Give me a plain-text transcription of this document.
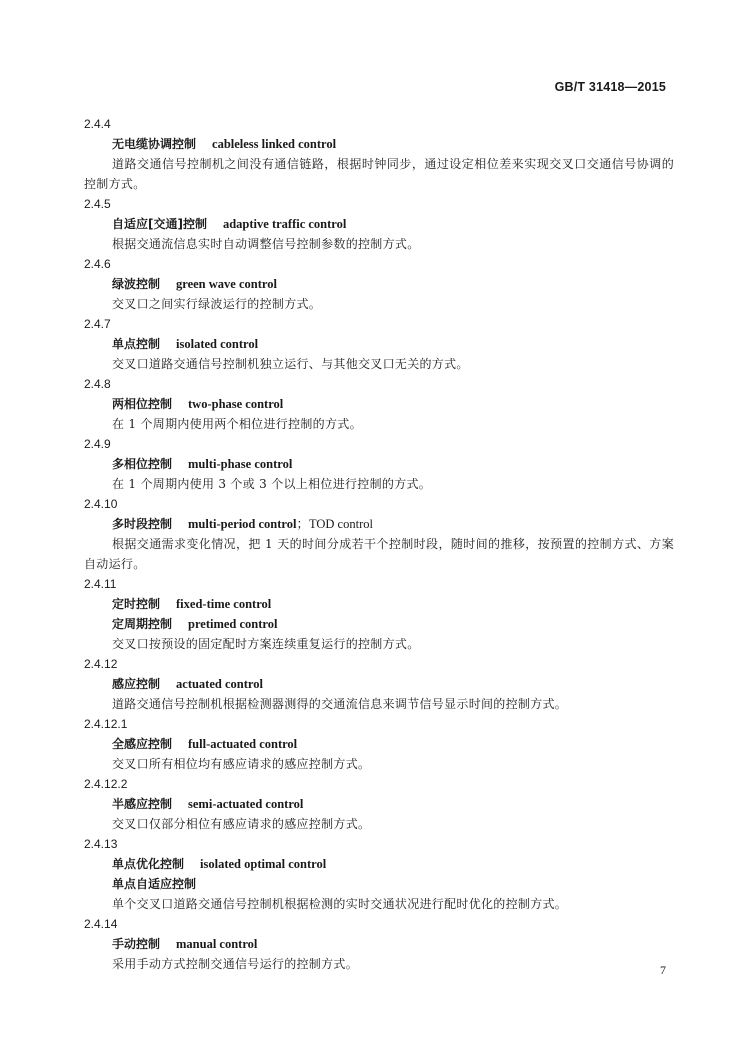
GB/T 31418—2015
2.4.4
无电缆协调控制 cableless linked control
道路交通信号控制机之间没有通信链路，根据时钟同步，通过设定相位差来实现交叉口交通信号协调的控制方式。
2.4.5
自适应[交通]控制 adaptive traffic control
根据交通流信息实时自动调整信号控制参数的控制方式。
2.4.6
绿波控制 green wave control
交叉口之间实行绿波运行的控制方式。
2.4.7
单点控制 isolated control
交叉口道路交通信号控制机独立运行、与其他交叉口无关的方式。
2.4.8
两相位控制 two-phase control
在 1 个周期内使用两个相位进行控制的方式。
2.4.9
多相位控制 multi-phase control
在 1 个周期内使用 3 个或 3 个以上相位进行控制的方式。
2.4.10
多时段控制 multi-period control；TOD control
根据交通需求变化情况，把 1 天的时间分成若干个控制时段，随时间的推移，按预置的控制方式、方案自动运行。
2.4.11
定时控制 fixed-time control
定周期控制 pretimed control
交叉口按预设的固定配时方案连续重复运行的控制方式。
2.4.12
感应控制 actuated control
道路交通信号控制机根据检测器测得的交通流信息来调节信号显示时间的控制方式。
2.4.12.1
全感应控制 full-actuated control
交叉口所有相位均有感应请求的感应控制方式。
2.4.12.2
半感应控制 semi-actuated control
交叉口仅部分相位有感应请求的感应控制方式。
2.4.13
单点优化控制 isolated optimal control
单点自适应控制
单个交叉口道路交通信号控制机根据检测的实时交通状况进行配时优化的控制方式。
2.4.14
手动控制 manual control
采用手动方式控制交通信号运行的控制方式。	7
